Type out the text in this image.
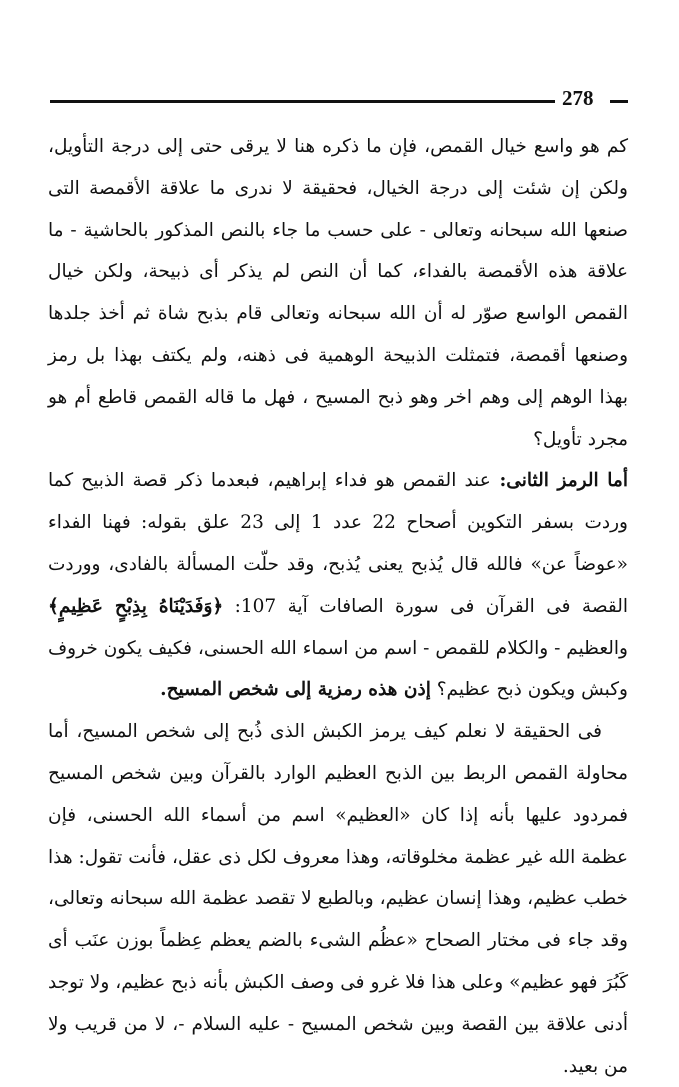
278

كم هو واسع خيال القمص، فإن ما ذكره هنا لا يرقى حتى إلى درجة التأويل، ولكن إن شئت إلى درجة الخيال، فحقيقة لا ندرى ما علاقة الأقمصة التى صنعها الله سبحانه وتعالى - على حسب ما جاء بالنص المذكور بالحاشية - ما علاقة هذه الأقمصة بالفداء، كما أن النص لم يذكر أى ذبيحة، ولكن خيال القمص الواسع صوّر له أن الله سبحانه وتعالى قام بذبح شاة ثم أخذ جلدها وصنعها أقمصة، فتمثلت الذبيحة الوهمية فى ذهنه، ولم يكتف بهذا بل رمز بهذا الوهم إلى وهم اخر وهو ذبح المسيح ، فهل ما قاله القمص قاطع أم هو مجرد تأويل؟

أما الرمز الثانى: عند القمص هو فداء إبراهيم، فبعدما ذكر قصة الذبيح كما وردت بسفر التكوين أصحاح 22 عدد 1 إلى 23 علق بقوله: فهنا الفداء «عوضاً عن» فالله قال يُذبح يعنى يُذبح، وقد حلّت المسألة بالفادى، ووردت القصة فى القرآن فى سورة الصافات آية 107: ﴿وَفَدَيْنَاهُ بِذِبْحٍ عَظِيمٍ﴾ والعظيم - والكلام للقمص - اسم من اسماء الله الحسنى، فكيف يكون خروف وكبش ويكون ذبح عظيم؟ إذن هذه رمزية إلى شخص المسيح.

فى الحقيقة لا نعلم كيف يرمز الكبش الذى ذُبح إلى شخص المسيح، أما محاولة القمص الربط بين الذبح العظيم الوارد بالقرآن وبين شخص المسيح فمردود عليها بأنه إذا كان «العظيم» اسم من أسماء الله الحسنى، فإن عظمة الله غير عظمة مخلوقاته، وهذا معروف لكل ذى عقل، فأنت تقول: هذا خطب عظيم، وهذا إنسان عظيم، وبالطبع لا تقصد عظمة الله سبحانه وتعالى، وقد جاء فى مختار الصحاح «عظُم الشىء بالضم يعظم عِظماً بوزن عنَب أى كَبُرَ فهو عظيم» وعلى هذا فلا غرو فى وصف الكبش بأنه ذبح عظيم، ولا توجد أدنى علاقة بين القصة وبين شخص المسيح - عليه السلام -، لا من قريب ولا من بعيد.
